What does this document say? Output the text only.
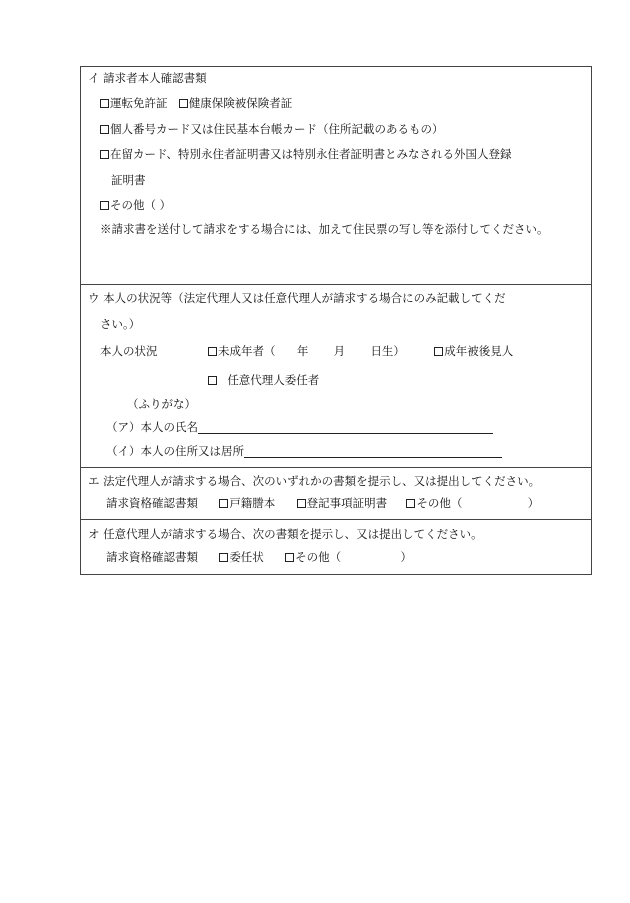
イ 請求者本人確認書類
運転免許証 健康保険被保険者証
個人番号カード又は住民基本台帳カード（住所記載のあるもの）
在留カード、特別永住者証明書又は特別永住者証明書とみなされる外国人登録
証明書
その他（ ）
※請求書を送付して請求をする場合には、加えて住民票の写し等を添付してください。
ウ 本人の状況等（法定代理人又は任意代理人が請求する場合にのみ記載してくだ
さい。）
本人の状況	未成年者（ 年 月 日生）	成年被後見人
任意代理人委任者
（ふりがな）
（ア）本人の氏名
（イ）本人の住所又は居所
エ 法定代理人が請求する場合、次のいずれかの書類を提示し、又は提出してください。
請求資格確認書類	戸籍謄本	登記事項証明書	その他（	）
オ 任意代理人が請求する場合、次の書類を提示し、又は提出してください。
請求資格確認書類	委任状	その他（	）
